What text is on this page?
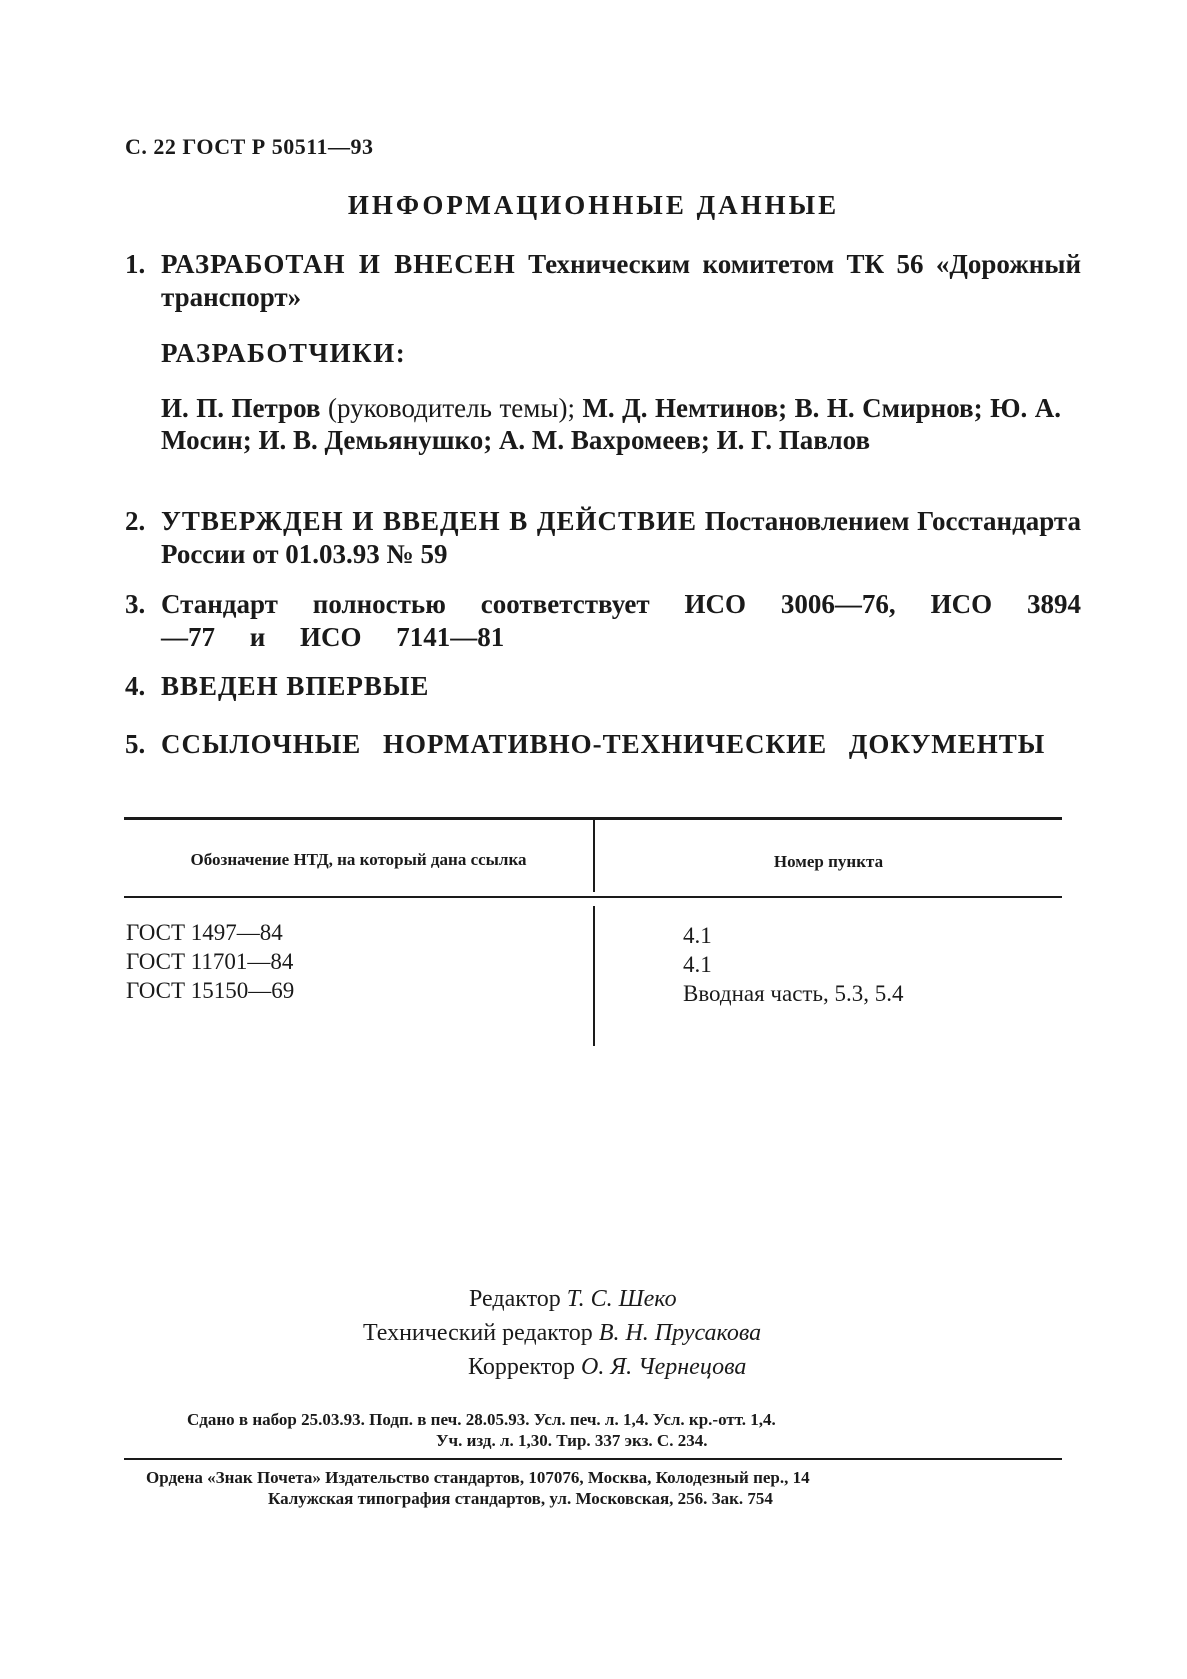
С. 22 ГОСТ Р 50511—93
ИНФОРМАЦИОННЫЕ ДАННЫЕ
1. РАЗРАБОТАН И ВНЕСЕН Техническим комитетом ТК 56 «Дорожный транспорт»
РАЗРАБОТЧИКИ:
И. П. Петров (руководитель темы); М. Д. Немтинов; В. Н. Смирнов; Ю. А. Мосин; И. В. Демьянушко; А. М. Вахромеев; И. Г. Павлов
2. УТВЕРЖДЕН И ВВЕДЕН В ДЕЙСТВИЕ Постановлением Госстандарта России от 01.03.93 № 59
3. Стандарт полностью соответствует ИСО 3006—76, ИСО 3894—77 и ИСО 7141—81
4. ВВЕДЕН ВПЕРВЫЕ
5. ССЫЛОЧНЫЕ НОРМАТИВНО-ТЕХНИЧЕСКИЕ ДОКУМЕНТЫ
Обозначение НТД, на который дана ссылка	Номер пункта
ГОСТ 1497—84
ГОСТ 11701—84
ГОСТ 15150—69
4.1
4.1
Вводная часть, 5.3, 5.4
Редактор Т. С. Шеко
Технический редактор В. Н. Прусакова
Корректор О. Я. Чернецова
Сдано в набор 25.03.93. Подп. в печ. 28.05.93. Усл. печ. л. 1,4. Усл. кр.-отт. 1,4.
Уч. изд. л. 1,30. Тир. 337 экз. С. 234.
Ордена «Знак Почета» Издательство стандартов, 107076, Москва, Колодезный пер., 14
Калужская типография стандартов, ул. Московская, 256. Зак. 754
